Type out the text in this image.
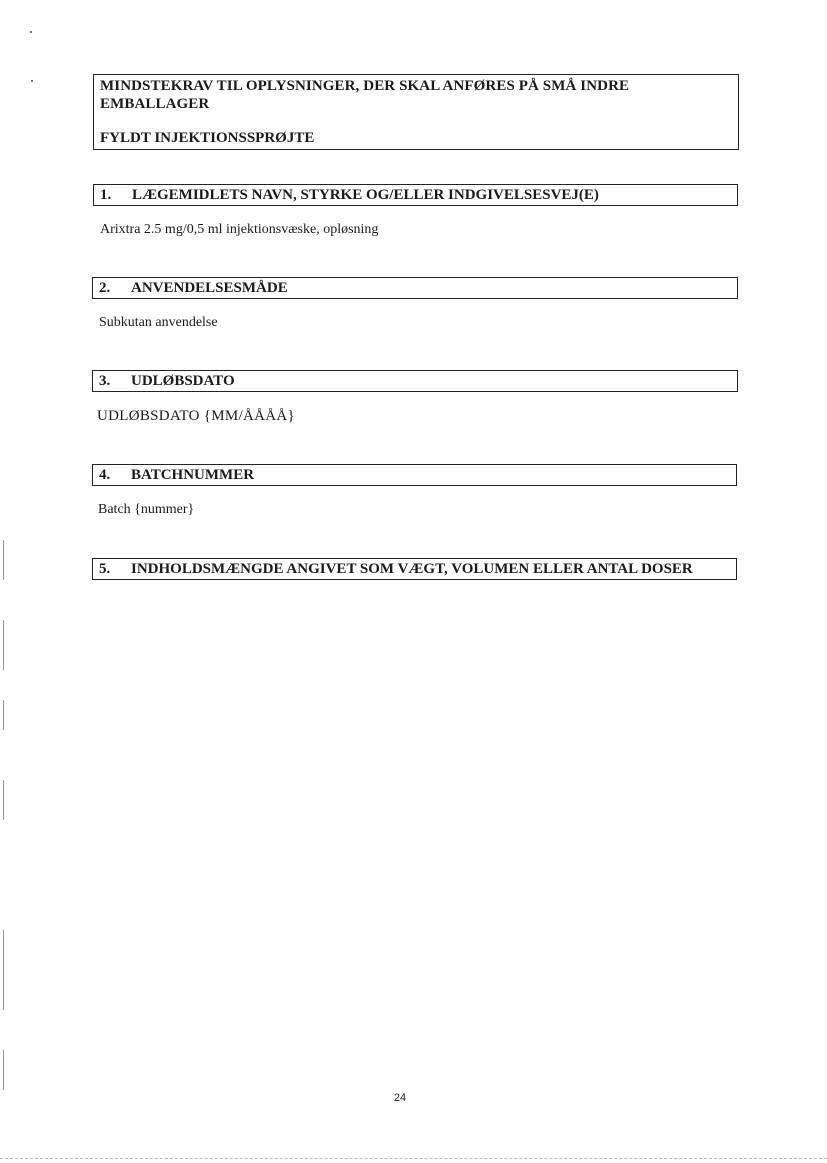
MINDSTEKRAV TIL OPLYSNINGER, DER SKAL ANFØRES PÅ SMÅ INDRE
EMBALLAGER
FYLDT INJEKTIONSSPRØJTE
1.	LÆGEMIDLETS NAVN, STYRKE OG/ELLER INDGIVELSESVEJ(E)
Arixtra 2.5 mg/0,5 ml injektionsvæske, opløsning
2.	ANVENDELSESMÅDE
Subkutan anvendelse
3.	UDLØBSDATO
UDLØBSDATO {MM/ÅÅÅÅ}
4.	BATCHNUMMER
Batch {nummer}
5.	INDHOLDSMÆNGDE ANGIVET SOM VÆGT, VOLUMEN ELLER ANTAL DOSER
24
